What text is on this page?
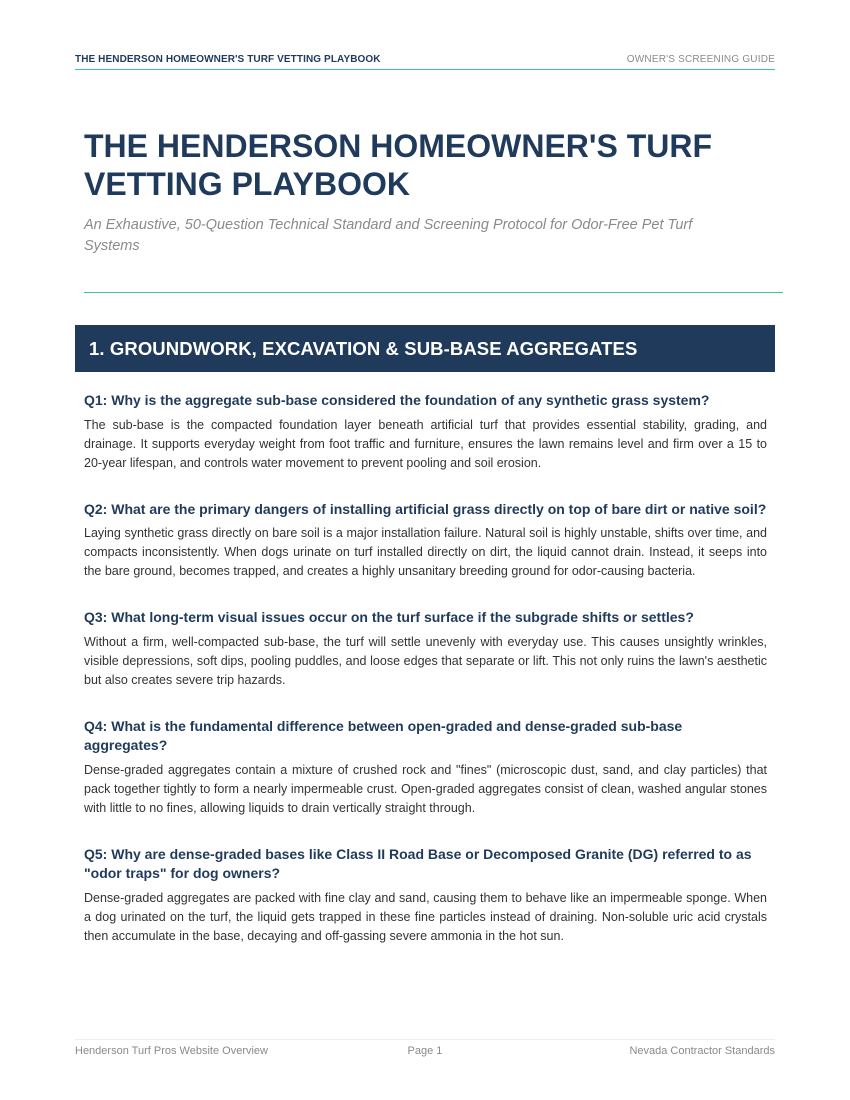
THE HENDERSON HOMEOWNER'S TURF VETTING PLAYBOOK	OWNER'S SCREENING GUIDE
THE HENDERSON HOMEOWNER'S TURF VETTING PLAYBOOK

An Exhaustive, 50-Question Technical Standard and Screening Protocol for Odor-Free Pet Turf Systems

1. GROUNDWORK, EXCAVATION & SUB-BASE AGGREGATES
Q1: Why is the aggregate sub-base considered the foundation of any synthetic grass system?

The sub-base is the compacted foundation layer beneath artificial turf that provides essential stability, grading, and drainage. It supports everyday weight from foot traffic and furniture, ensures the lawn remains level and firm over a 15 to 20-year lifespan, and controls water movement to prevent pooling and soil erosion.

Q2: What are the primary dangers of installing artificial grass directly on top of bare dirt or native soil?

Laying synthetic grass directly on bare soil is a major installation failure. Natural soil is highly unstable, shifts over time, and compacts inconsistently. When dogs urinate on turf installed directly on dirt, the liquid cannot drain. Instead, it seeps into the bare ground, becomes trapped, and creates a highly unsanitary breeding ground for odor-causing bacteria.

Q3: What long-term visual issues occur on the turf surface if the subgrade shifts or settles?

Without a firm, well-compacted sub-base, the turf will settle unevenly with everyday use. This causes unsightly wrinkles, visible depressions, soft dips, pooling puddles, and loose edges that separate or lift. This not only ruins the lawn's aesthetic but also creates severe trip hazards.

Q4: What is the fundamental difference between open-graded and dense-graded sub-base aggregates?

Dense-graded aggregates contain a mixture of crushed rock and "fines" (microscopic dust, sand, and clay particles) that pack together tightly to form a nearly impermeable crust. Open-graded aggregates consist of clean, washed angular stones with little to no fines, allowing liquids to drain vertically straight through.

Q5: Why are dense-graded bases like Class II Road Base or Decomposed Granite (DG) referred to as "odor traps" for dog owners?

Dense-graded aggregates are packed with fine clay and sand, causing them to behave like an impermeable sponge. When a dog urinated on the turf, the liquid gets trapped in these fine particles instead of draining. Non-soluble uric acid crystals then accumulate in the base, decaying and off-gassing severe ammonia in the hot sun.

Henderson Turf Pros Website Overview	Page 1	Nevada Contractor Standards
